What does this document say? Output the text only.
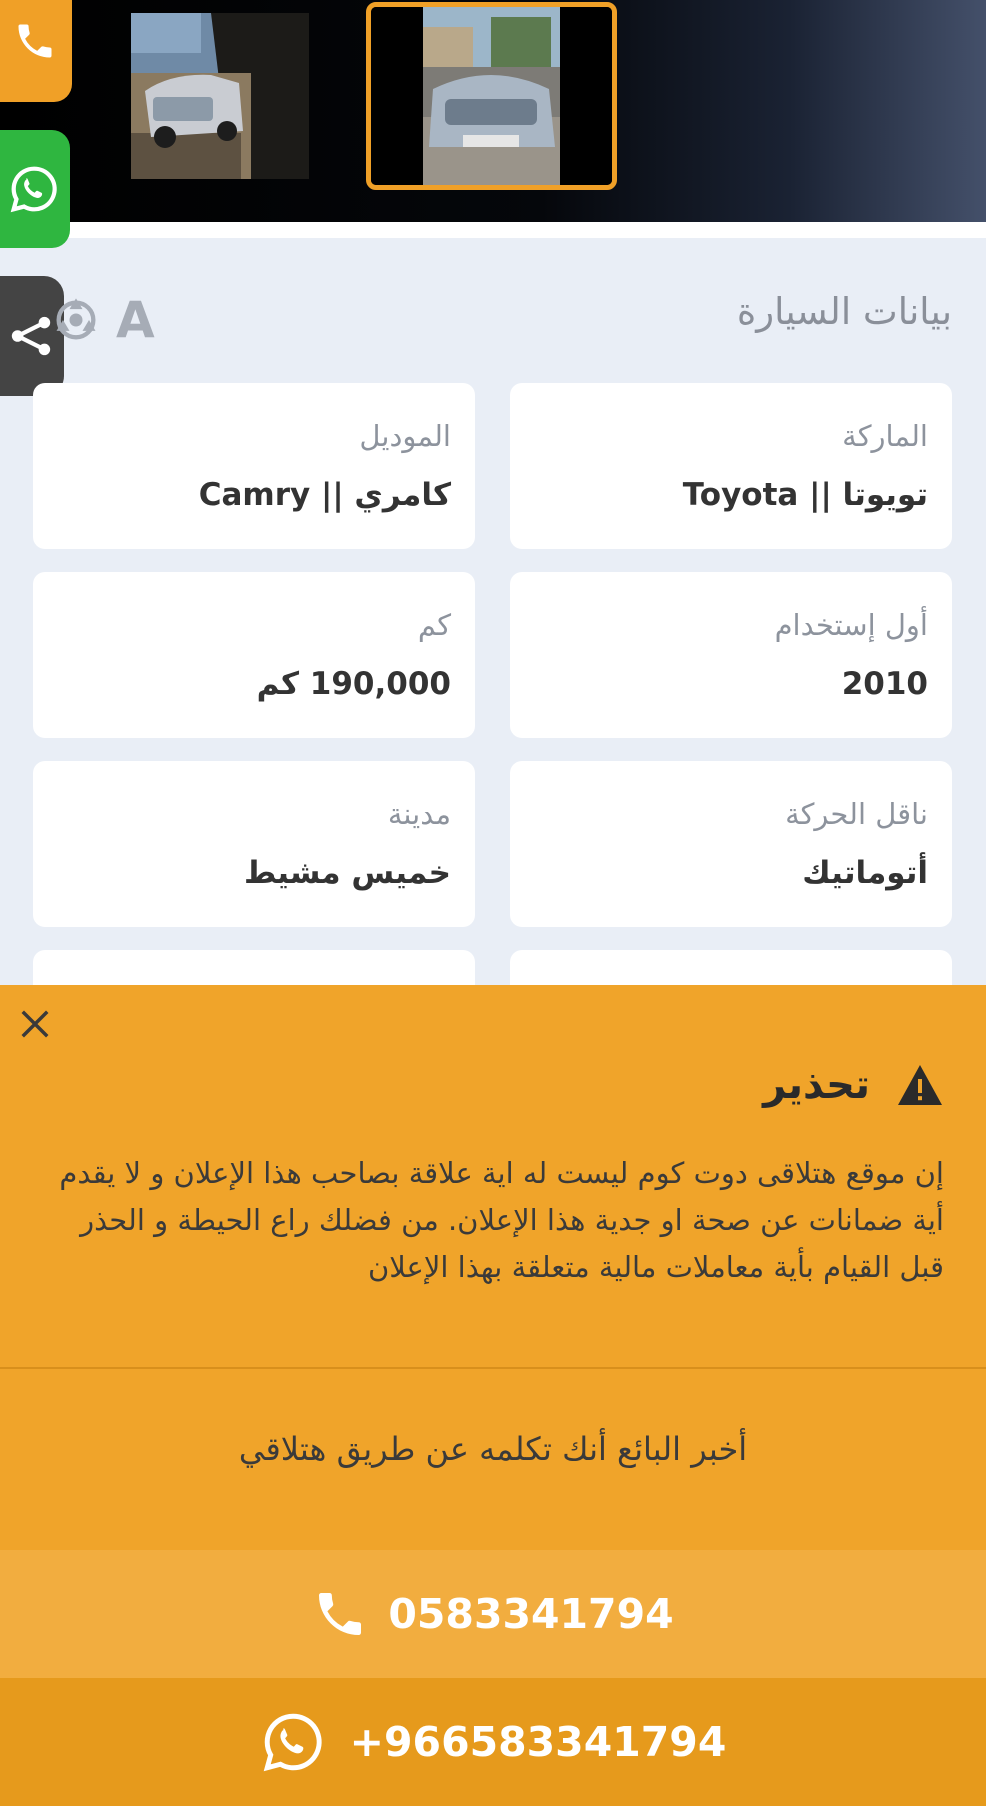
بيانات السيارة
A
الماركة
تويوتا || Toyota
الموديل
كامري || Camry
أول إستخدام
2010
كم
190,000 كم
ناقل الحركة
أتوماتيك
مدينة
خميس مشيط
تحذير
إن موقع هتلاقى دوت كوم ليست له اية علاقة بصاحب هذا الإعلان و لا يقدم أية ضمانات عن صحة او جدية هذا الإعلان. من فضلك راع الحيطة و الحذر قبل القيام بأية معاملات مالية متعلقة بهذا الإعلان
أخبر البائع أنك تكلمه عن طريق هتلاقي
0583341794
+966583341794
